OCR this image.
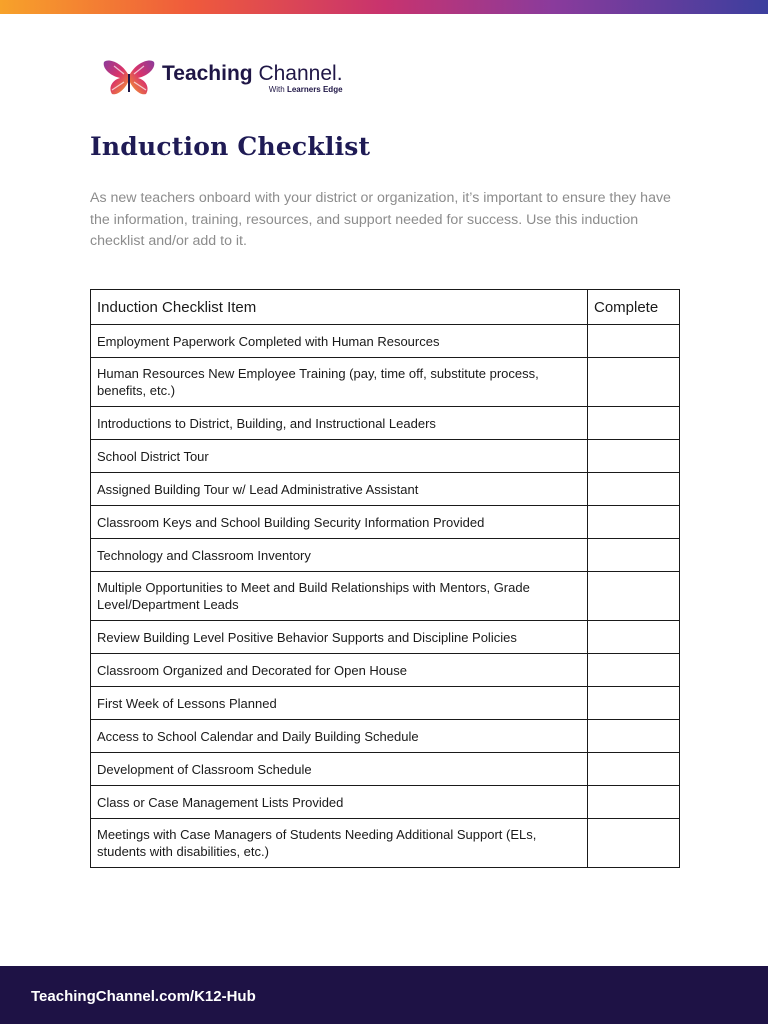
Teaching Channel.
With Learners Edge
Induction Checklist

As new teachers onboard with your district or organization, it’s important to ensure they have the information, training, resources, and support needed for success. Use this induction checklist and/or add to it.

Induction Checklist Item	Complete
Employment Paperwork Completed with Human Resources	
Human Resources New Employee Training (pay, time off, substitute process, benefits, etc.)	
Introductions to District, Building, and Instructional Leaders	
School District Tour	
Assigned Building Tour w/ Lead Administrative Assistant	
Classroom Keys and School Building Security Information Provided	
Technology and Classroom Inventory	
Multiple Opportunities to Meet and Build Relationships with Mentors, Grade Level/Department Leads	
Review Building Level Positive Behavior Supports and Discipline Policies	
Classroom Organized and Decorated for Open House	
First Week of Lessons Planned	
Access to School Calendar and Daily Building Schedule	
Development of Classroom Schedule	
Class or Case Management Lists Provided	
Meetings with Case Managers of Students Needing Additional Support (ELs, students with disabilities, etc.)	
TeachingChannel.com/K12-Hub
